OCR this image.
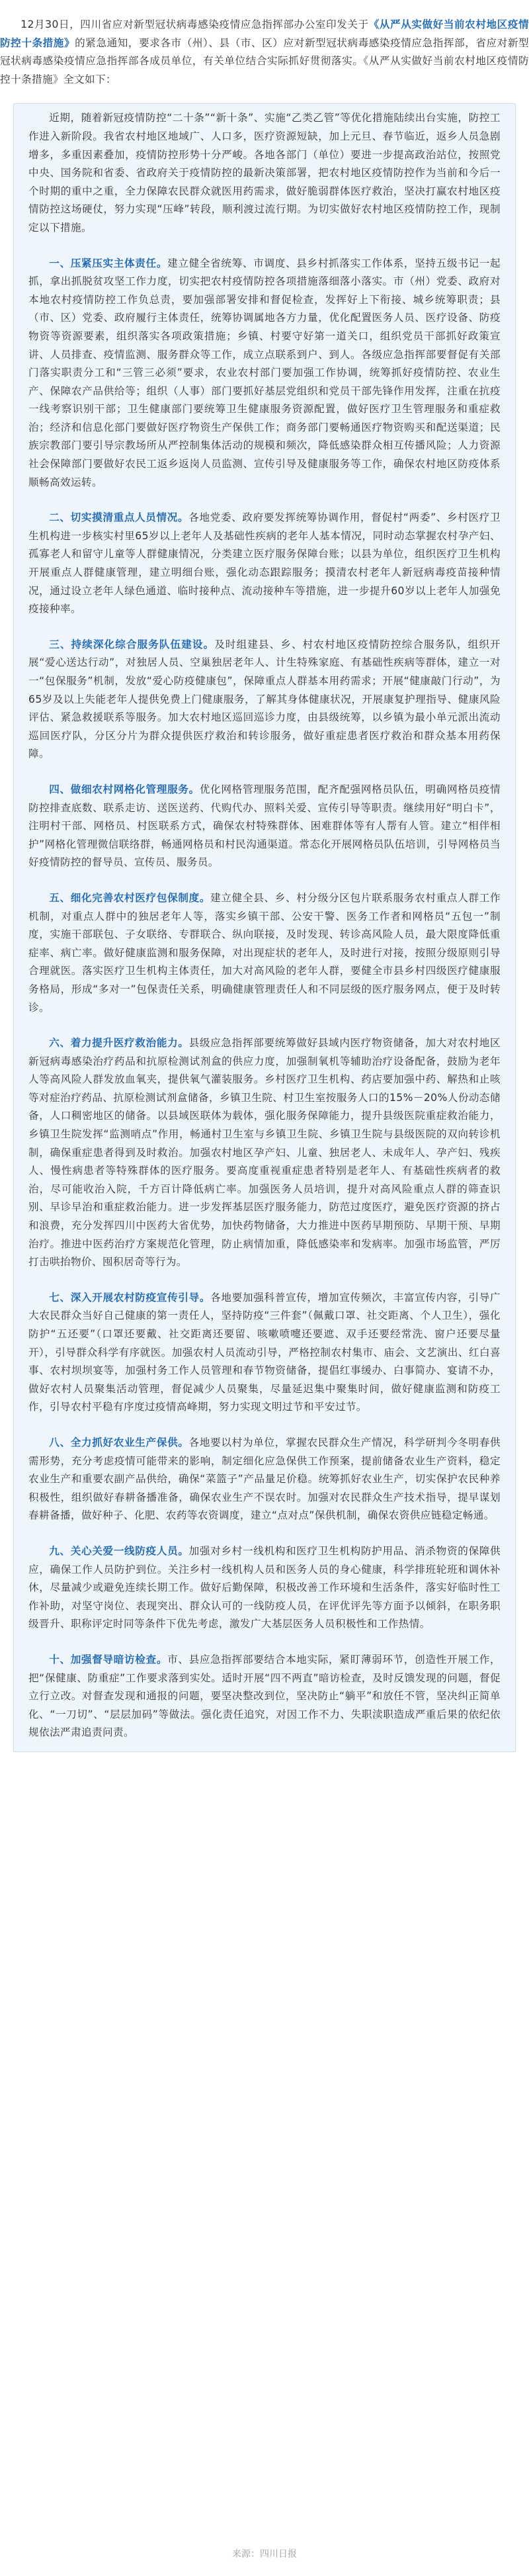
12月30日，四川省应对新型冠状病毒感染疫情应急指挥部办公室印发关于《从严从实做好当前农村地区疫情防控十条措施》的紧急通知，要求各市（州）、县（市、区）应对新型冠状病毒感染疫情应急指挥部，省应对新型冠状病毒感染疫情应急指挥部各成员单位，有关单位结合实际抓好贯彻落实。《从严从实做好当前农村地区疫情防控十条措施》全文如下：

近期，随着新冠疫情防控“二十条”“新十条”、实施“乙类乙管”等优化措施陆续出台实施，防控工作进入新阶段。我省农村地区地域广、人口多，医疗资源短缺，加上元旦、春节临近，返乡人员急剧增多，多重因素叠加，疫情防控形势十分严峻。各地各部门（单位）要进一步提高政治站位，按照党中央、国务院和省委、省政府关于疫情防控的最新决策部署，把农村地区疫情防控作为当前和今后一个时期的重中之重，全力保障农民群众就医用药需求，做好脆弱群体医疗救治，坚决打赢农村地区疫情防控这场硬仗，努力实现“压峰”转段，顺利渡过流行期。为切实做好农村地区疫情防控工作，现制定以下措施。

一、压紧压实主体责任。建立健全省统筹、市调度、县乡村抓落实工作体系，坚持五级书记一起抓，拿出抓脱贫攻坚工作力度，切实把农村疫情防控各项措施落细落小落实。市（州）党委、政府对本地农村疫情防控工作负总责，要加强部署安排和督促检查，发挥好上下衔接、城乡统筹职责；县（市、区）党委、政府履行主体责任，统筹协调属地各方力量，优化配置医务人员、医疗设备、防疫物资等资源要素，组织落实各项政策措施；乡镇、村要守好第一道关口，组织党员干部抓好政策宣讲、人员排查、疫情监测、服务群众等工作，成立点联系到户、到人。各级应急指挥部要督促有关部门落实职责分工和“三管三必须”要求，农业农村部门要加强工作协调，统筹抓好疫情防控、农业生产、保障农产品供给等；组织（人事）部门要抓好基层党组织和党员干部先锋作用发挥，注重在抗疫一线考察识别干部；卫生健康部门要统筹卫生健康服务资源配置，做好医疗卫生管理服务和重症救治；经济和信息化部门要做好医疗物资生产保供工作；商务部门要畅通医疗物资购买和配送渠道；民族宗教部门要引导宗教场所从严控制集体活动的规模和频次，降低感染群众相互传播风险；人力资源社会保障部门要做好农民工返乡返岗人员监测、宣传引导及健康服务等工作，确保农村地区防疫体系顺畅高效运转。

二、切实摸清重点人员情况。各地党委、政府要发挥统筹协调作用，督促村“两委”、乡村医疗卫生机构进一步核实村里65岁以上老年人及基础性疾病的老年人基本情况，同时动态掌握农村孕产妇、孤寡老人和留守儿童等人群健康情况，分类建立医疗服务保障台账；以县为单位，组织医疗卫生机构开展重点人群健康管理，建立明细台账，强化动态跟踪服务；摸清农村老年人新冠病毒疫苗接种情况，通过设立老年人绿色通道、临时接种点、流动接种车等措施，进一步提升60岁以上老年人加强免疫接种率。

三、持续深化综合服务队伍建设。及时组建县、乡、村农村地区疫情防控综合服务队，组织开展“爱心送达行动”，对独居人员、空巢独居老年人、计生特殊家庭、有基础性疾病等群体，建立一对一“包保服务”机制，发放“爱心防疫健康包”，保障重点人群基本用药需求；开展“健康敲门行动”，为65岁及以上失能老年人提供免费上门健康服务，了解其身体健康状况，开展康复护理指导、健康风险评估、紧急救援联系等服务。加大农村地区巡回巡诊力度，由县级统筹，以乡镇为最小单元派出流动巡回医疗队，分区分片为群众提供医疗救治和转诊服务，做好重症患者医疗救治和群众基本用药保障。

四、做细农村网格化管理服务。优化网格管理服务范围，配齐配强网格员队伍，明确网格员疫情防控排查底数、联系走访、送医送药、代购代办、照料关爱、宣传引导等职责。继续用好“明白卡”，注明村干部、网格员、村医联系方式，确保农村特殊群体、困难群体等有人帮有人管。建立“相伴相护”网格化管理微信联络群，畅通网格员和村民沟通渠道。常态化开展网格员队伍培训，引导网格员当好疫情防控的督导员、宣传员、服务员。

五、细化完善农村医疗包保制度。建立健全县、乡、村分级分区包片联系服务农村重点人群工作机制，对重点人群中的独居老年人等，落实乡镇干部、公安干警、医务工作者和网格员“五包一”制度，实施干部联包、子女联络、专群联合、纵向联接，及时发现、转诊高风险人员，最大限度降低重症率、病亡率。做好健康监测和服务保障，对出现症状的老年人，及时进行对接，按照分级原则引导合理就医。落实医疗卫生机构主体责任，加大对高风险的老年人群，要健全市县乡村四级医疗健康服务格局，形成“多对一”包保责任关系，明确健康管理责任人和不同层级的医疗服务网点，便于及时转诊。

六、着力提升医疗救治能力。县级应急指挥部要统筹做好县域内医疗物资储备，加大对农村地区新冠病毒感染治疗药品和抗原检测试剂盒的供应力度，加强制氧机等辅助治疗设备配备，鼓励为老年人等高风险人群发放血氧夹，提供氧气灌装服务。乡村医疗卫生机构、药店要加强中药、解热和止咳等对症治疗药品、抗原检测试剂盒储备，乡镇卫生院、村卫生室按服务人口的15%－20%人份动态储备，人口稠密地区的储备。以县域医联体为载体，强化服务保障能力，提升县级医院重症救治能力，乡镇卫生院发挥“监测哨点”作用，畅通村卫生室与乡镇卫生院、乡镇卫生院与县级医院的双向转诊机制，确保重症患者得到及时救治。加强农村地区孕产妇、儿童、独居老人、未成年人、孕产妇、残疾人、慢性病患者等特殊群体的医疗服务。要高度重视重症患者特别是老年人、有基础性疾病者的救治，尽可能收治入院，千方百计降低病亡率。加强医务人员培训，提升对高风险重点人群的筛查识别、早诊早治和重症救治能力。进一步发挥基层医疗服务能力，防范过度医疗，避免医疗资源的挤占和浪费，充分发挥四川中医药大省优势，加快药物储备，大力推进中医药早期预防、早期干预、早期治疗。推进中医药治疗方案规范化管理，防止病情加重，降低感染率和发病率。加强市场监管，严厉打击哄抬物价、囤积居奇等行为。

七、深入开展农村防疫宣传引导。各地要加强科普宣传，增加宣传频次，丰富宣传内容，引导广大农民群众当好自己健康的第一责任人，坚持防疫“三件套”（佩戴口罩、社交距离、个人卫生），强化防护“五还要”（口罩还要戴、社交距离还要留、咳嗽喷嚏还要遮、双手还要经常洗、窗户还要尽量开），引导群众科学有序就医。加强农村人员流动引导，严格控制农村集市、庙会、文艺演出、红白喜事、农村坝坝宴等，加强村务工作人员管理和春节物资储备，提倡红事缓办、白事简办、宴请不办，做好农村人员聚集活动管理，督促减少人员聚集，尽量延迟集中聚集时间，做好健康监测和防疫工作，引导农村平稳有序度过疫情高峰期，努力实现文明过节和平安过节。

八、全力抓好农业生产保供。各地要以村为单位，掌握农民群众生产情况，科学研判今冬明春供需形势，充分考虑疫情可能带来的影响，制定细化应急保供工作预案，提前储备农业生产资料，稳定农业生产和重要农副产品供给，确保“菜篮子”产品量足价稳。统筹抓好农业生产，切实保护农民种养积极性，组织做好春耕备播准备，确保农业生产不误农时。加强对农民群众生产技术指导，提早谋划春耕备播，做好种子、化肥、农药等农资调度，建立“点对点”保供机制，确保农资供应链稳定畅通。

九、关心关爱一线防疫人员。加强对乡村一线机构和医疗卫生机构防护用品、消杀物资的保障供应，确保工作人员防护到位。关注乡村一线机构人员和医务人员的身心健康，科学排班轮班和调休补休，尽量减少或避免连续长期工作。做好后勤保障，积极改善工作环境和生活条件，落实好临时性工作补助，对坚守岗位、表现突出、群众认可的一线防疫人员，在评优评先等方面予以倾斜，在职务职级晋升、职称评定时同等条件下优先考虑，激发广大基层医务人员积极性和工作热情。

十、加强督导暗访检查。市、县应急指挥部要结合本地实际，紧盯薄弱环节，创造性开展工作，把“保健康、防重症”工作要求落到实处。适时开展“四不两直”暗访检查，及时反馈发现的问题，督促立行立改。对督查发现和通报的问题，要坚决整改到位，坚决防止“躺平”和放任不管，坚决纠正简单化、“一刀切”、“层层加码”等做法。强化责任追究，对因工作不力、失职渎职造成严重后果的依纪依规依法严肃追责问责。

来源：四川日报
